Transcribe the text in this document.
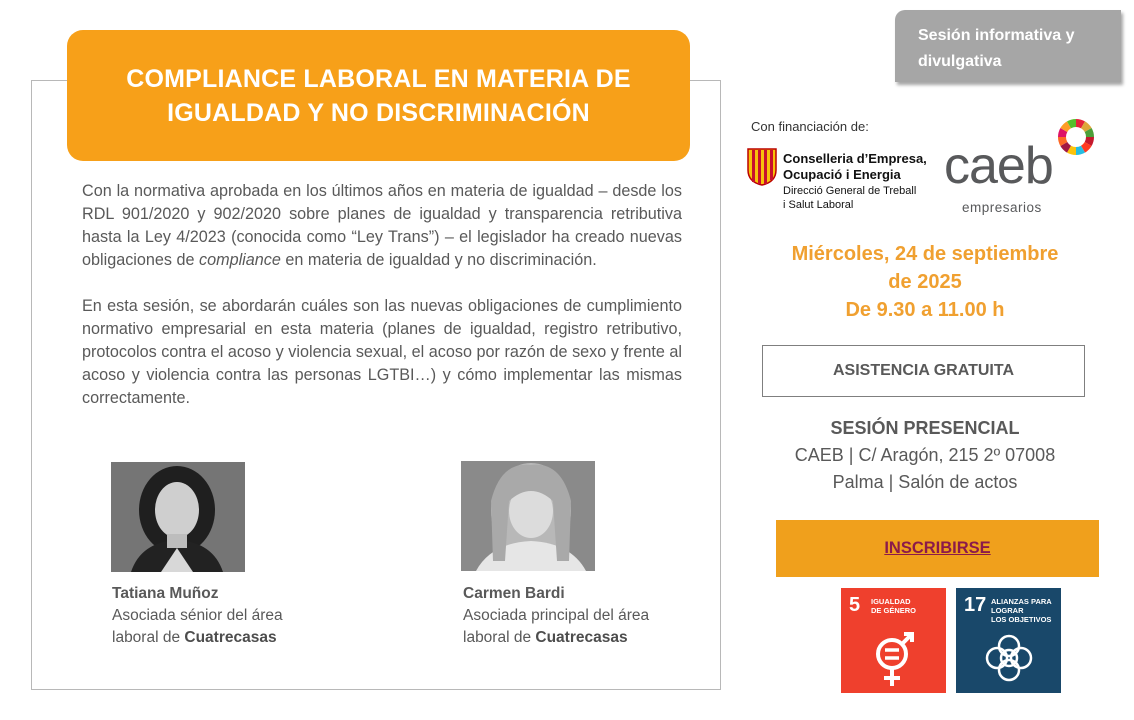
COMPLIANCE LABORAL EN MATERIA DE
IGUALDAD Y NO DISCRIMINACIÓN

Con la normativa aprobada en los últimos años en materia de igualdad – desde los RDL 901/2020 y 902/2020 sobre planes de igualdad y transparencia retributiva hasta la Ley 4/2023 (conocida como “Ley Trans”) – el legislador ha creado nuevas obligaciones de compliance en materia de igualdad y no discriminación.

En esta sesión, se abordarán cuáles son las nuevas obligaciones de cumplimiento normativo empresarial en esta materia (planes de igualdad, registro retributivo, protocolos contra el acoso y violencia sexual, el acoso por razón de sexo y frente al acoso y violencia contra las personas LGTBI…) y cómo implementar las mismas correctamente.

Tatiana Muñoz
Asociada sénior del área
laboral de Cuatrecasas
Carmen Bardi
Asociada principal del área
laboral de Cuatrecasas
Sesión informativa y divulgativa
Con financiación de:
Conselleria d’Empresa,
Ocupació i Energia
Direcció General de Treball
i Salut Laboral
caeb
empresarios
Miércoles, 24 de septiembre
de 2025
De 9.30 a 11.00 h
ASISTENCIA GRATUITA
SESIÓN PRESENCIAL
CAEB | C/ Aragón, 215 2º 07008
Palma | Salón de actos
INSCRIBIRSE
5 IGUALDAD
DE GÉNERO 17 ALIANZAS PARA
LOGRAR
LOS OBJETIVOS
